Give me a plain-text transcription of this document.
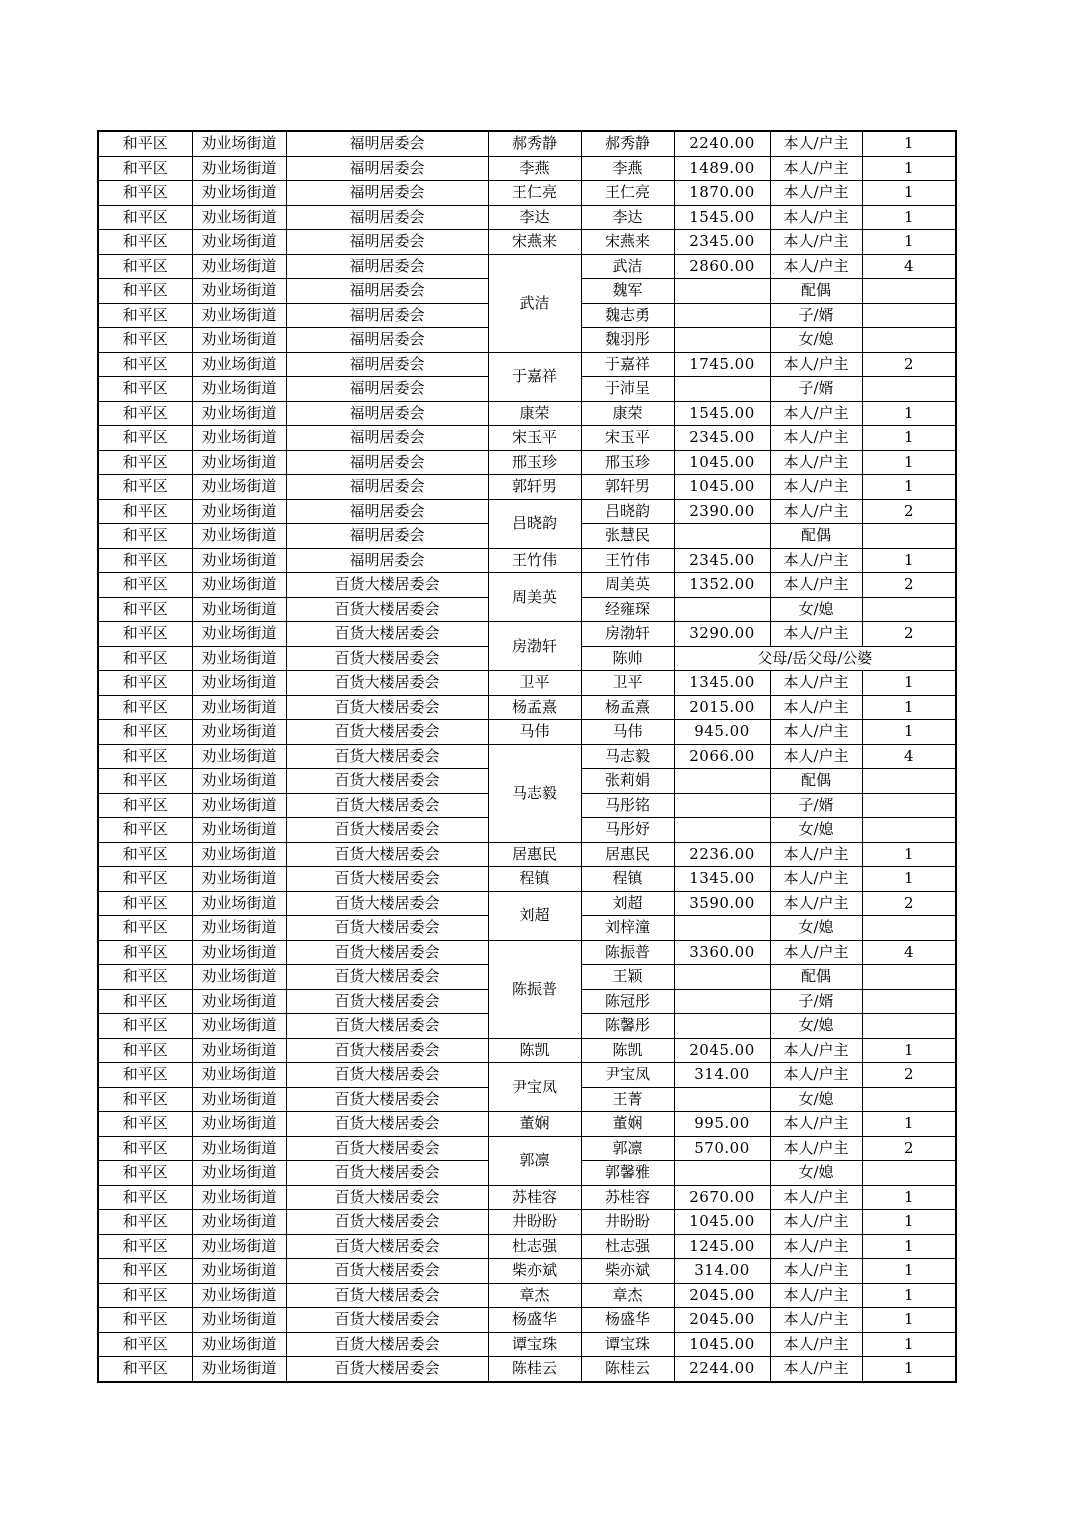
和平区	劝业场街道	福明居委会	郝秀静	郝秀静	2240.00	本人/户主	1
和平区	劝业场街道	福明居委会	李燕	李燕	1489.00	本人/户主	1
和平区	劝业场街道	福明居委会	王仁亮	王仁亮	1870.00	本人/户主	1
和平区	劝业场街道	福明居委会	李达	李达	1545.00	本人/户主	1
和平区	劝业场街道	福明居委会	宋燕来	宋燕来	2345.00	本人/户主	1
和平区	劝业场街道	福明居委会	武洁	武洁	2860.00	本人/户主	4
和平区	劝业场街道	福明居委会		魏军		配偶	
和平区	劝业场街道	福明居委会		魏志勇		子/婿	
和平区	劝业场街道	福明居委会		魏羽彤		女/媳	
和平区	劝业场街道	福明居委会	于嘉祥	于嘉祥	1745.00	本人/户主	2
和平区	劝业场街道	福明居委会		于沛呈		子/婿	
和平区	劝业场街道	福明居委会	康荣	康荣	1545.00	本人/户主	1
和平区	劝业场街道	福明居委会	宋玉平	宋玉平	2345.00	本人/户主	1
和平区	劝业场街道	福明居委会	邢玉珍	邢玉珍	1045.00	本人/户主	1
和平区	劝业场街道	福明居委会	郭轩男	郭轩男	1045.00	本人/户主	1
和平区	劝业场街道	福明居委会	吕晓韵	吕晓韵	2390.00	本人/户主	2
和平区	劝业场街道	福明居委会		张慧民		配偶	
和平区	劝业场街道	福明居委会	王竹伟	王竹伟	2345.00	本人/户主	1
和平区	劝业场街道	百货大楼居委会	周美英	周美英	1352.00	本人/户主	2
和平区	劝业场街道	百货大楼居委会		经雍琛		女/媳	
和平区	劝业场街道	百货大楼居委会	房渤轩	房渤轩	3290.00	本人/户主	2
和平区	劝业场街道	百货大楼居委会		陈帅	父母/岳父母/公婆		
和平区	劝业场街道	百货大楼居委会	卫平	卫平	1345.00	本人/户主	1
和平区	劝业场街道	百货大楼居委会	杨孟熹	杨孟熹	2015.00	本人/户主	1
和平区	劝业场街道	百货大楼居委会	马伟	马伟	945.00	本人/户主	1
和平区	劝业场街道	百货大楼居委会	马志毅	马志毅	2066.00	本人/户主	4
和平区	劝业场街道	百货大楼居委会		张莉娟		配偶	
和平区	劝业场街道	百货大楼居委会		马彤铭		子/婿	
和平区	劝业场街道	百货大楼居委会		马彤妤		女/媳	
和平区	劝业场街道	百货大楼居委会	居惠民	居惠民	2236.00	本人/户主	1
和平区	劝业场街道	百货大楼居委会	程镇	程镇	1345.00	本人/户主	1
和平区	劝业场街道	百货大楼居委会	刘超	刘超	3590.00	本人/户主	2
和平区	劝业场街道	百货大楼居委会		刘梓潼		女/媳	
和平区	劝业场街道	百货大楼居委会	陈振普	陈振普	3360.00	本人/户主	4
和平区	劝业场街道	百货大楼居委会		王颖		配偶	
和平区	劝业场街道	百货大楼居委会		陈冠彤		子/婿	
和平区	劝业场街道	百货大楼居委会		陈馨彤		女/媳	
和平区	劝业场街道	百货大楼居委会	陈凯	陈凯	2045.00	本人/户主	1
和平区	劝业场街道	百货大楼居委会	尹宝凤	尹宝凤	314.00	本人/户主	2
和平区	劝业场街道	百货大楼居委会		王菁		女/媳	
和平区	劝业场街道	百货大楼居委会	董娴	董娴	995.00	本人/户主	1
和平区	劝业场街道	百货大楼居委会	郭凛	郭凛	570.00	本人/户主	2
和平区	劝业场街道	百货大楼居委会		郭馨雅		女/媳	
和平区	劝业场街道	百货大楼居委会	苏桂容	苏桂容	2670.00	本人/户主	1
和平区	劝业场街道	百货大楼居委会	井盼盼	井盼盼	1045.00	本人/户主	1
和平区	劝业场街道	百货大楼居委会	杜志强	杜志强	1245.00	本人/户主	1
和平区	劝业场街道	百货大楼居委会	柴亦斌	柴亦斌	314.00	本人/户主	1
和平区	劝业场街道	百货大楼居委会	章杰	章杰	2045.00	本人/户主	1
和平区	劝业场街道	百货大楼居委会	杨盛华	杨盛华	2045.00	本人/户主	1
和平区	劝业场街道	百货大楼居委会	谭宝珠	谭宝珠	1045.00	本人/户主	1
和平区	劝业场街道	百货大楼居委会	陈桂云	陈桂云	2244.00	本人/户主	1
